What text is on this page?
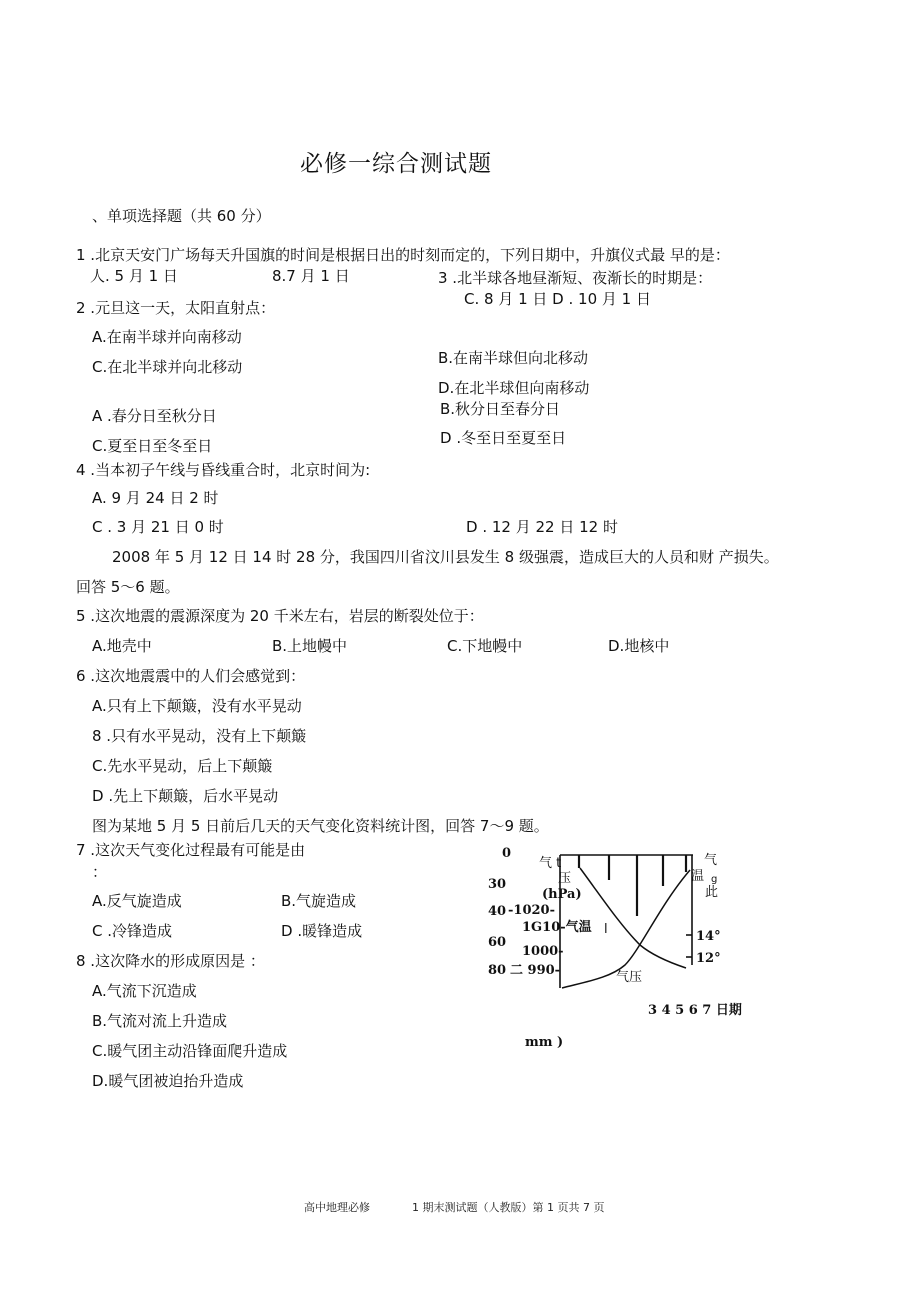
必修一综合测试题
、单项选择题（共 60 分）
1 .北京天安门广场每天升国旗的时间是根据日出的时刻而定的，下列日期中，升旗仪式最 早的是：
人. 5 月 1 日	8.7 月 1 日
C. 8 月 1 日 D . 10 月 1 日
3 .北半球各地昼渐短、夜渐长的时期是：
2 .元旦这一天，太阳直射点：
A.在南半球并向南移动
C.在北半球并向北移动	B.在南半球但向北移动
D.在北半球但向南移动
A .春分日至秋分日	B.秋分日至春分日
C.夏至日至冬至日	D .冬至日至夏至日
4 .当本初子午线与昏线重合时，北京时间为:
A. 9 月 24 日 2 时
C . 3 月 21 日 0 时	D . 12 月 22 日 12 时
2008 年 5 月 12 日 14 时 28 分，我国四川省汶川县发生 8 级强震，造成巨大的人员和财 产损失。
回答 5〜6 题。
5 .这次地震的震源深度为 20 千米左右，岩层的断裂处位于：
A.地壳中	B.上地幔中	C.下地幔中	D.地核中
6 .这次地震震中的人们会感觉到：
A.只有上下颠簸，没有水平晃动
8 .只有水平晃动，没有上下颠簸
C.先水平晃动，后上下颠簸
D .先上下颠簸，后水平晃动
图为某地 5 月 5 日前后几天的天气变化资料统计图，回答 7〜9 题。
7 .这次天气变化过程最有可能是由
：
A.反气旋造成	B.气旋造成
C .冷锋造成	D .暖锋造成
8 .这次降水的形成原因是 ：
A.气流下沉造成
B.气流对流上升造成
C.暖气团主动沿锋面爬升造成
D.暖气团被迫抬升造成
0
30
40
60
80
气 t
压
(hPa)
-1020-
1G10-气温 l
1000-
二 990-
气
温 g
此
14°
12°
气压
3 4 5 6 7 日期
mm )
高中地理必修	1 期末测试题（人教版）第 1 页共 7 页
